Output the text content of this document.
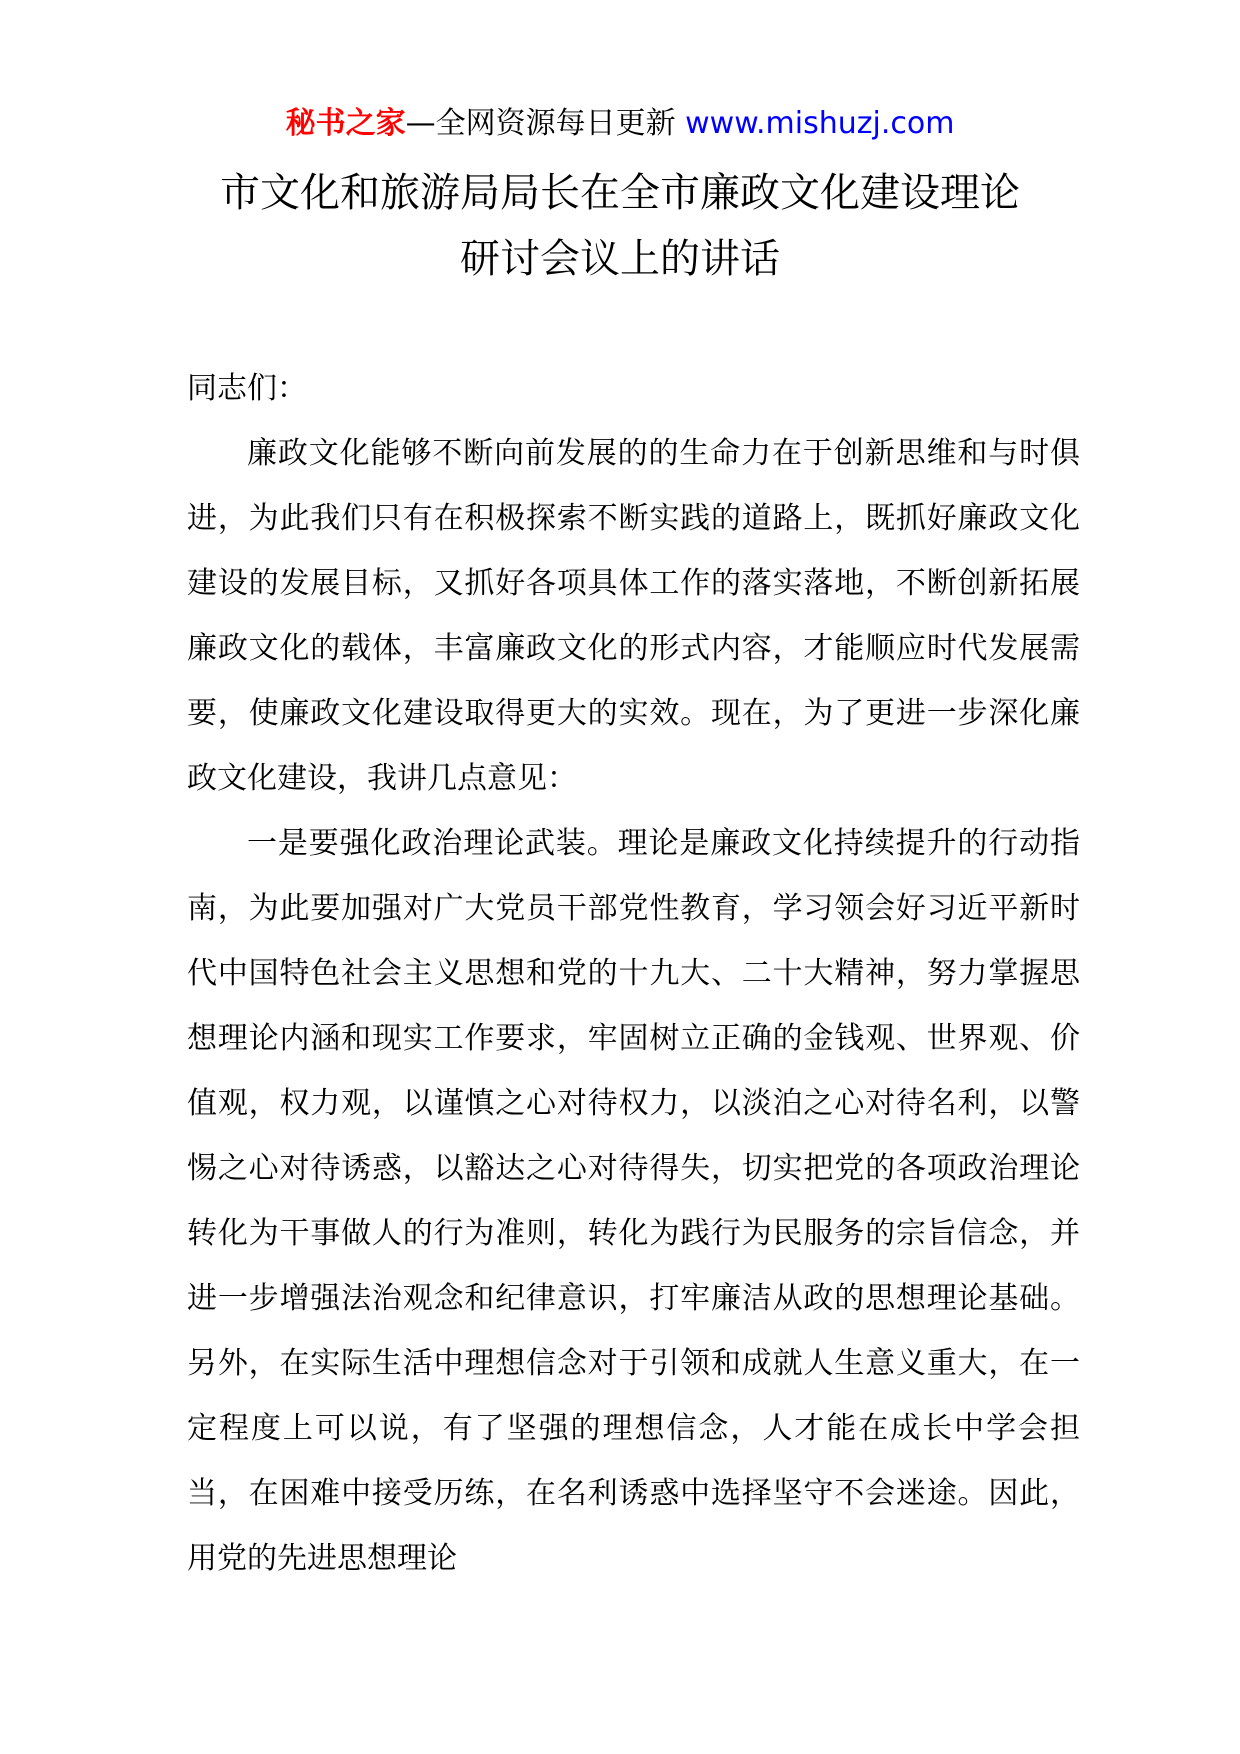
秘书之家—全网资源每日更新 www.mishuzj.com
市文化和旅游局局长在全市廉政文化建设理论
研讨会议上的讲话

同志们：

廉政文化能够不断向前发展的的生命力在于创新思维和与时俱进，为此我们只有在积极探索不断实践的道路上，既抓好廉政文化建设的发展目标，又抓好各项具体工作的落实落地，不断创新拓展廉政文化的载体，丰富廉政文化的形式内容，才能顺应时代发展需要，使廉政文化建设取得更大的实效。现在，为了更进一步深化廉政文化建设，我讲几点意见：

一是要强化政治理论武装。理论是廉政文化持续提升的行动指南，为此要加强对广大党员干部党性教育，学习领会好习近平新时代中国特色社会主义思想和党的十九大、二十大精神，努力掌握思想理论内涵和现实工作要求，牢固树立正确的金钱观、世界观、价值观，权力观，以谨慎之心对待权力，以淡泊之心对待名利，以警惕之心对待诱惑，以豁达之心对待得失，切实把党的各项政治理论转化为干事做人的行为准则，转化为践行为民服务的宗旨信念，并进一步增强法治观念和纪律意识，打牢廉洁从政的思想理论基础。另外，在实际生活中理想信念对于引领和成就人生意义重大，在一定程度上可以说，有了坚强的理想信念，人才能在成长中学会担当，在困难中接受历练，在名利诱惑中选择坚守不会迷途。因此，用党的先进思想理论
